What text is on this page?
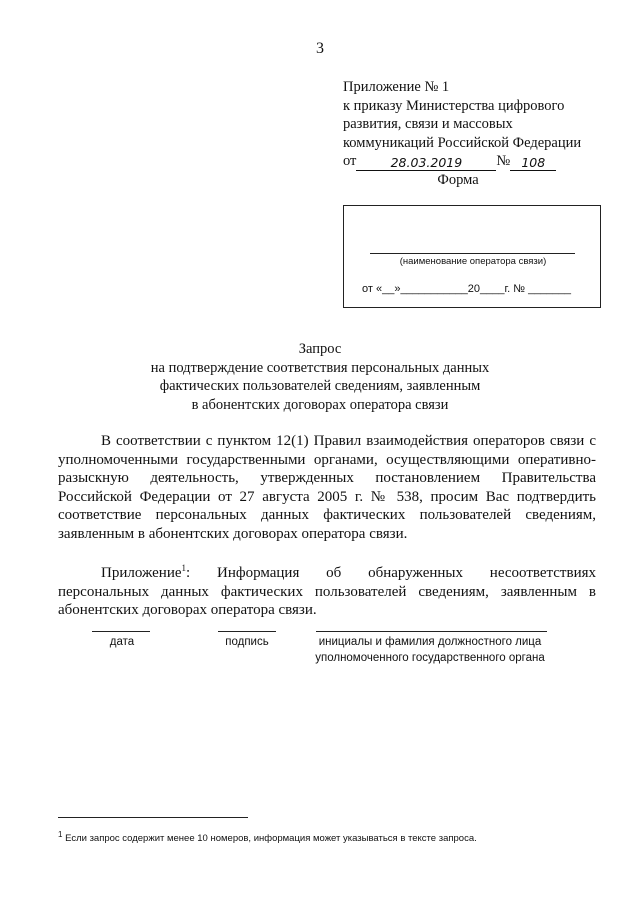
3
Приложение № 1
к приказу Министерства цифрового
развития, связи и массовых
коммуникаций Российской Федерации
от	28.03.2019	№ 108
Форма
(наименование оператора связи)
от «__»___________20____г. № _______
Запрос
на подтверждение соответствия персональных данных
фактических пользователей сведениям, заявленным
в абонентских договорах оператора связи

В соответствии с пунктом 12(1) Правил взаимодействия операторов связи с уполномоченными государственными органами, осуществляющими оперативно-разыскную деятельность, утвержденных постановлением Правительства Российской Федерации от 27 августа 2005 г. № 538, просим Вас подтвердить соответствие персональных данных фактических пользователей сведениям, заявленным в абонентских договорах оператора связи.

Приложение$^1$: Информация об обнаруженных несоответствиях персональных данных фактических пользователей сведениям, заявленным в абонентских договорах оператора связи.

дата	подпись	инициалы и фамилия должностного лица
уполномоченного государственного органа
$^1$ Если запрос содержит менее 10 номеров, информация может указываться в тексте запроса.
